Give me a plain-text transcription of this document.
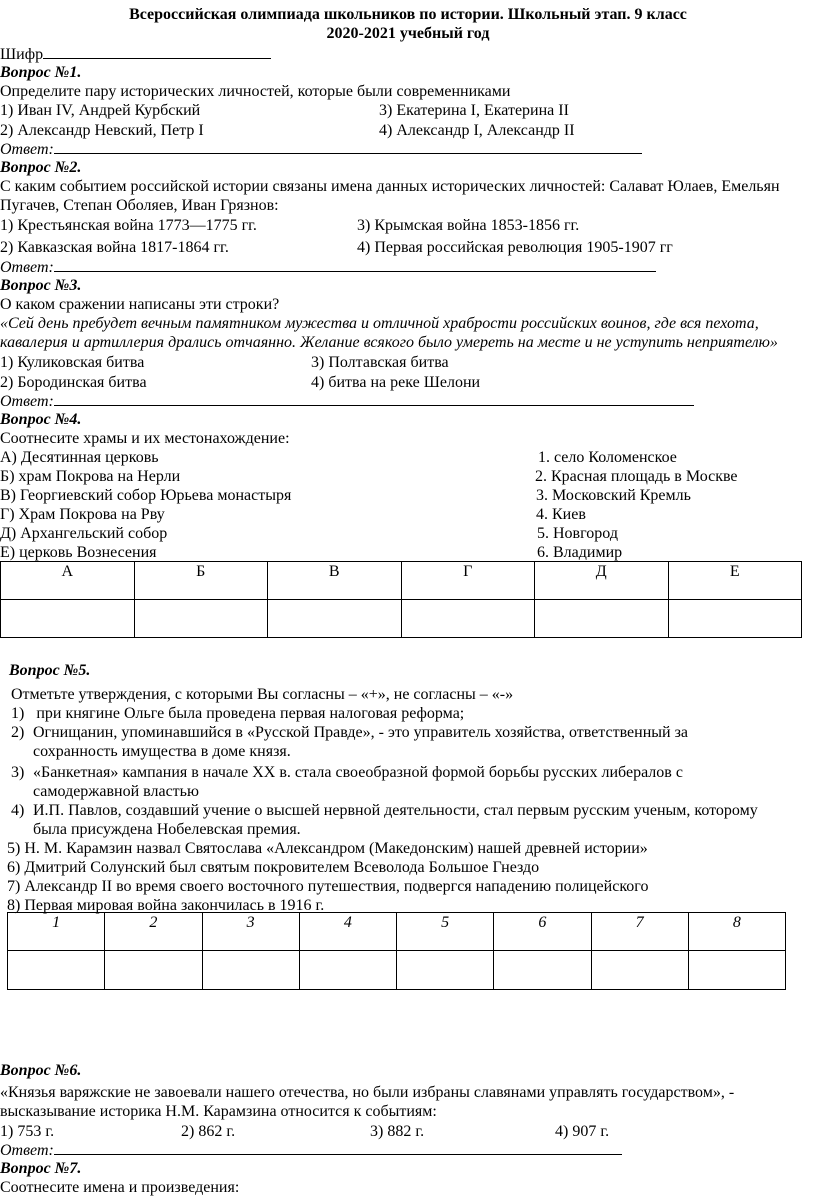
Всероссийская олимпиада школьников по истории. Школьный этап. 9 класс
2020-2021 учебный год
Шифр
Вопрос №1.
Определите пару исторических личностей, которые были современниками
1) Иван IV, Андрей Курбский	3) Екатерина I, Екатерина II
2) Александр Невский, Петр I	4) Александр I, Александр II
Ответ:
Вопрос №2.
С каким событием российской истории связаны имена данных исторических личностей: Салават Юлаев, Емельян
Пугачев, Степан Оболяев, Иван Грязнов:
1) Крестьянская война 1773—1775 гг.	3) Крымская война 1853-1856 гг.
2) Кавказская война 1817-1864 гг.	4) Первая российская революция 1905-1907 гг
Ответ:
Вопрос №3.
О каком сражении написаны эти строки?
«Сей день пребудет вечным памятником мужества и отличной храбрости российских воинов, где вся пехота,
кавалерия и артиллерия дрались отчаянно. Желание всякого было умереть на месте и не уступить неприятелю»
1) Куликовская битва	3) Полтавская битва
2) Бородинская битва	4) битва на реке Шелони
Ответ:
Вопрос №4.
Соотнесите храмы и их местонахождение:
А) Десятинная церковь	1. село Коломенское
Б) храм Покрова на Нерли	2. Красная площадь в Москве
В) Георгиевский собор Юрьева монастыря	3. Московский Кремль
Г) Храм Покрова на Рву	4. Киев
Д) Архангельский собор	5. Новгород
Е) церковь Вознесения	6. Владимир
А	Б	В	Г	Д	Е

Вопрос №5.
Отметьте утверждения, с которыми Вы согласны – «+», не согласны – «-»
1) при княгине Ольге была проведена первая налоговая реформа;
2) Огнищанин, упоминавшийся в «Русской Правде», - это управитель хозяйства, ответственный за
сохранность имущества в доме князя.
3) «Банкетная» кампания в начале XX в. стала своеобразной формой борьбы русских либералов с
самодержавной властью
4) И.П. Павлов, создавший учение о высшей нервной деятельности, стал первым русским ученым, которому
была присуждена Нобелевская премия.
5) Н. М. Карамзин назвал Святослава «Александром (Македонским) нашей древней истории»
6) Дмитрий Солунский был святым покровителем Всеволода Большое Гнездо
7) Александр II во время своего восточного путешествия, подвергся нападению полицейского
8) Первая мировая война закончилась в 1916 г.
1	2	3	4	5	6	7	8

Вопрос №6.
«Князья варяжские не завоевали нашего отечества, но были избраны славянами управлять государством», -
высказывание историка Н.М. Карамзина относится к событиям:
1) 753 г.	2) 862 г.	3) 882 г.	4) 907 г.
Ответ:
Вопрос №7.
Соотнесите имена и произведения:
